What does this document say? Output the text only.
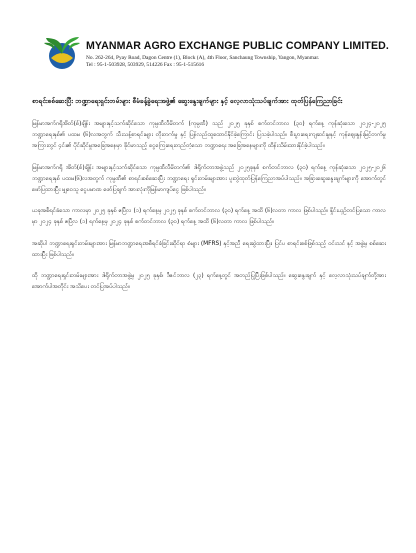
MYANMAR AGRO EXCHANGE PUBLIC COMPANY LIMITED.
No. 262-264, Pyay Road, Dagon Centre (1), Block (A), 4th Floor, Sanchaung Township, Yangon, Myanmar.
Tel : 95-1-503928, 503929, 514226 Fax : 95-1-515616
စာရင်းစစ်ဆေးပြီး ဘဏ္ဍာရေးရှင်းတမ်းများ စီမံခန့်ခွဲရေးအဖွဲ့၏ ဆွေးနွေးချက်များ နှင့် လေ့လာသုံးသပ်ချက်အား ထုတ်ပြန်ကြေညာခြင်း

မြန်မာအက်ဂရိုအိတ်(စ်)ချိန်း အများနှင့်သက်ဆိုင်သော ကုမ္ပဏီလီမိတက် (ကုမ္ပဏီ) သည် ၂၀၂၅ ခုနှစ် စက်တင်ဘာလ (၃၀) ရက်နေ့ ကုန်ဆုံးသော ၂၀၂၄-၂၀၂၅ ဘဏ္ဍာရေးနှစ်၏ ပထမ (၆)လအတွက် သီးသန့်စာရင်းများ တိုးတက်မှု နှင့် ပြန်လည်ထူထောင်နိုင်ခဲ့ကြောင်း ပြသခဲ့ပါသည်။ စီးပွားရေးကျဆင်းမှုနှင့် ကုန်ဈေးနှုန်းမြင့်တက်မှုအကြားတွင် ၄င်း၏ ပိုင်ဆိုင်မှုအခြေအနေမှာ ခိုင်မာသည့် ငွေကြေးရေးတည်တံ့သော ဘဏ္ဍာရေး အခြေအနေများကို ထိန်းသိမ်းထားနိုင်ခဲ့ပါသည်။

မြန်မာအက်ဂရို အိတ်(စ်)ချိန်း အများနှင့်သက်ဆိုင်သော ကုမ္ပဏီလီမိတက်၏ ဒါရိုက်တာအဖွဲ့သည် ၂၀၂၅ခုနှစ် စက်တင်ဘာလ (၃၀) ရက်နေ့ ကုန်ဆုံးသော ၂၀၂၅-၂၀၂၆ ဘဏ္ဍာရေးနှစ် ပထမ(၆)လအတွက် ကုမ္ပဏီ၏ စာရင်းစစ်ဆေးပြီး ဘဏ္ဍာရေး ရှင်းတမ်းများအား ပူးတွဲထုတ်ပြန်ကြေညာအပ်ပါသည်။ အခြားဆွေးနွေးချက်များကို အောက်တွင် ဖော်ပြထားပြီး မျှဝေသူ ငွေပမာဏ ဖော်ပြချက် အားလုံးကိုမြန်မာကျပ်ငွေ ဖြစ်ပါသည်။

ယခုအစီရင်ခံသော ကာလမှာ ၂၀၂၅ ခုနှစ် ဧပြီလ (၁) ရက်နေ့မှ ၂၀၂၅ ခုနှစ် စက်တင်ဘာလ (၃၀) ရက်နေ့ အထိ (၆)လတာ ကာလ ဖြစ်ပါသည်။ နှိုင်းယှဉ်တင်ပြသော ကာလမှာ ၂၀၂၄ ခုနှစ် ဧပြီလ (၁) ရက်နေ့မှ ၂၀၂၄ ခုနှစ် စက်တင်ဘာလ (၃၀) ရက်နေ့ အထိ (၆)လတာ ကာလ ဖြစ်ပါသည်။

အဆိုပါ ဘဏ္ဍာရေးရှင်းတမ်းများအား မြန်မာဘဏ္ဍာရေးအစီရင်ခံခြင်းဆိုင်ရာ စံများ (MFRS) နှင့်အညီ ရေးဆွဲထားပြီး၊ ပြင်ပ စာရင်းစစ်ဖြစ်သည့် ဝင်းသင် နှင့် အဖွဲ့မှ စစ်ဆေးထားပြီး ဖြစ်ပါသည်။

ထို ဘဏ္ဍာရေးရှင်းတမ်းများအား ဒါရိုက်တာအဖွဲ့မှ ၂၀၂၅ ခုနှစ်၊ ဒီဇင်ဘာလ (၂၃) ရက်နေ့တွင် အတည်ပြုပြီးဖြစ်ပါသည်။ ဆွေးနွေးချက် နှင့် လေ့လာသုံးသပ်ချက်တို့အား အောက်ပါအတိုင်း အသိပေး တင်ပြအပ်ပါသည်။
